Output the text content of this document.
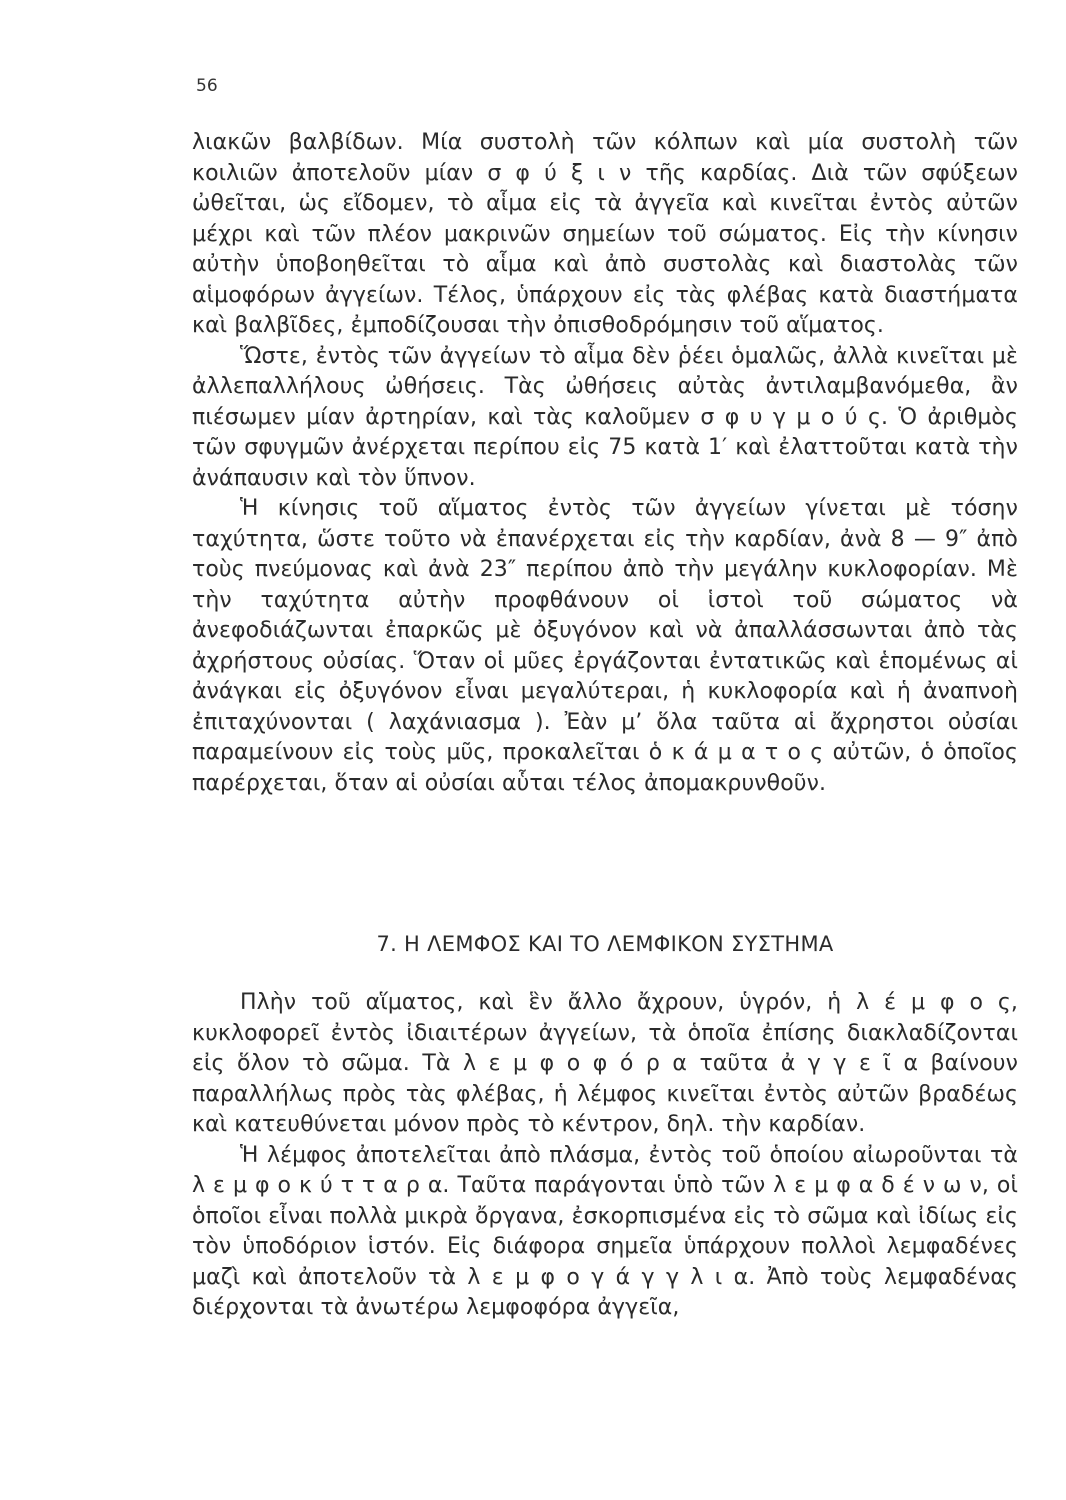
56

λιακῶν βαλβίδων. Μία συστολὴ τῶν κόλπων καὶ μία συστολὴ τῶν κοιλιῶν ἀποτελοῦν μίαν σ φ ύ ξ ι ν τῆς καρδίας. Διὰ τῶν σφύξεων ὠθεῖται, ὡς εἴδομεν, τὸ αἷμα εἰς τὰ ἀγγεῖα καὶ κινεῖται ἐντὸς αὐτῶν μέχρι καὶ τῶν πλέον μακρινῶν σημείων τοῦ σώματος. Εἰς τὴν κίνησιν αὐτὴν ὑποβοηθεῖται τὸ αἷμα καὶ ἀπὸ συστολὰς καὶ διαστολὰς τῶν αἱμοφόρων ἀγγείων. Τέλος, ὑπάρχουν εἰς τὰς φλέβας κατὰ διαστήματα καὶ βαλβῖδες, ἐμποδίζουσαι τὴν ὀπισθοδρόμησιν τοῦ αἵματος.

Ὥστε, ἐντὸς τῶν ἀγγείων τὸ αἷμα δὲν ῥέει ὁμαλῶς, ἀλλὰ κινεῖται μὲ ἀλλεπαλλήλους ὠθήσεις. Τὰς ὠθήσεις αὐτὰς ἀντιλαμβανόμεθα, ἂν πιέσωμεν μίαν ἀρτηρίαν, καὶ τὰς καλοῦμεν σ φ υ γ μ ο ύ ς. Ὁ ἀριθμὸς τῶν σφυγμῶν ἀνέρχεται περίπου εἰς 75 κατὰ 1′ καὶ ἐλαττοῦται κατὰ τὴν ἀνάπαυσιν καὶ τὸν ὕπνον.

Ἡ κίνησις τοῦ αἵματος ἐντὸς τῶν ἀγγείων γίνεται μὲ τόσην ταχύτητα, ὥστε τοῦτο νὰ ἐπανέρχεται εἰς τὴν καρδίαν, ἀνὰ 8 — 9″ ἀπὸ τοὺς πνεύμονας καὶ ἀνὰ 23″ περίπου ἀπὸ τὴν μεγάλην κυκλοφορίαν. Μὲ τὴν ταχύτητα αὐτὴν προφθάνουν οἱ ἱστοὶ τοῦ σώματος νὰ ἀνεφοδιάζωνται ἐπαρκῶς μὲ ὀξυγόνον καὶ νὰ ἀπαλλάσσωνται ἀπὸ τὰς ἀχρήστους οὐσίας. Ὅταν οἱ μῦες ἐργάζονται ἐντατικῶς καὶ ἑπομένως αἱ ἀνάγκαι εἰς ὀξυγόνον εἶναι μεγαλύτεραι, ἡ κυκλοφορία καὶ ἡ ἀναπνοὴ ἐπιταχύνονται ( λαχάνιασμα ). Ἐὰν μ’ ὅλα ταῦτα αἱ ἄχρηστοι οὐσίαι παραμείνουν εἰς τοὺς μῦς, προκαλεῖται ὁ κ ά μ α τ ο ς αὐτῶν, ὁ ὁποῖος παρέρχεται, ὅταν αἱ οὐσίαι αὗται τέλος ἀπομακρυνθοῦν.

7. Η ΛΕΜΦΟΣ ΚΑΙ ΤΟ ΛΕΜΦΙΚΟΝ ΣΥΣΤΗΜΑ

Πλὴν τοῦ αἵματος, καὶ ἓν ἄλλο ἄχρουν, ὑγρόν, ἡ λ έ μ φ ο ς, κυκλοφορεῖ ἐντὸς ἰδιαιτέρων ἀγγείων, τὰ ὁποῖα ἐπίσης διακλαδίζονται εἰς ὅλον τὸ σῶμα. Τὰ λ ε μ φ ο φ ό ρ α ταῦτα ἀ γ γ ε ῖ α βαίνουν παραλλήλως πρὸς τὰς φλέβας, ἡ λέμφος κινεῖται ἐντὸς αὐτῶν βραδέως καὶ κατευθύνεται μόνον πρὸς τὸ κέντρον, δηλ. τὴν καρδίαν.

Ἡ λέμφος ἀποτελεῖται ἀπὸ πλάσμα, ἐντὸς τοῦ ὁποίου αἰωροῦνται τὰ λ ε μ φ ο κ ύ τ τ α ρ α. Ταῦτα παράγονται ὑπὸ τῶν λ ε μ φ α δ έ ν ω ν, οἱ ὁποῖοι εἶναι πολλὰ μικρὰ ὄργανα, ἐσκορπισμένα εἰς τὸ σῶμα καὶ ἰδίως εἰς τὸν ὑποδόριον ἱστόν. Εἰς διάφορα σημεῖα ὑπάρχουν πολλοὶ λεμφαδένες μαζὶ καὶ ἀποτελοῦν τὰ λ ε μ φ ο γ ά γ γ λ ι α. Ἀπὸ τοὺς λεμφαδένας διέρχονται τὰ ἀνωτέρω λεμφοφόρα ἀγγεῖα,
